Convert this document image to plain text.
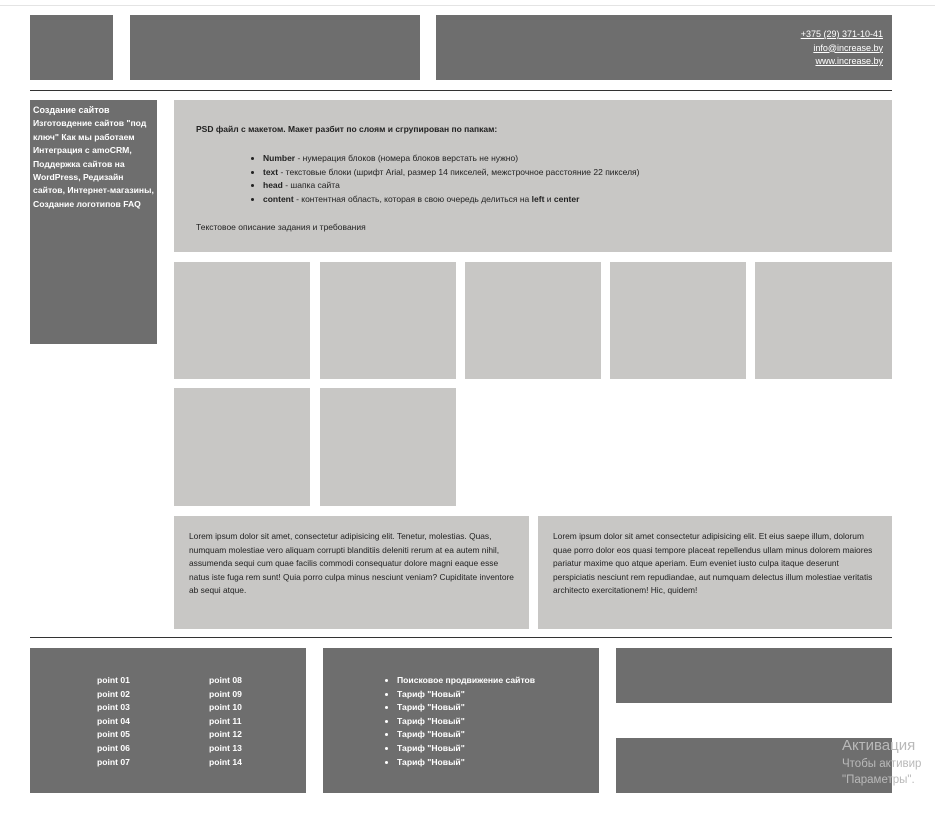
+375 (29) 371-10-41
info@increase.by
www.increase.by
Создание сайтов
Изготовдение сайтов "под ключ" Как мы работаем Интеграция с amoCRM, Поддержка сайтов на WordPress, Редизайн сайтов, Интернет-магазины, Создание логотипов FAQ
PSD файл с макетом. Макет разбит по слоям и сгрупирован по папкам:
• Number - нумерация блоков (номера блоков верстать не нужно)
• text - текстовые блоки (шрифт Arial, размер 14 пикселей, межстрочное расстояние 22 пикселя)
• head - шапка сайта
• content - контентная область, которая в свою очередь делиться на left и center
Текстовое описание задания и требования
Lorem ipsum dolor sit amet, consectetur adipisicing elit. Tenetur, molestias. Quas, numquam molestiae vero aliquam corrupti blanditiis deleniti rerum at ea autem nihil, assumenda sequi cum quae facilis commodi consequatur dolore magni eaque esse natus iste fuga rem sunt! Quia porro culpa minus nesciunt veniam? Cupiditate inventore ab sequi atque.
Lorem ipsum dolor sit amet consectetur adipisicing elit. Et eius saepe illum, dolorum quae porro dolor eos quasi tempore placeat repellendus ullam minus dolorem maiores pariatur maxime quo atque aperiam. Eum eveniet iusto culpa itaque deserunt perspiciatis nesciunt rem repudiandae, aut numquam delectus illum molestiae veritatis architecto exercitationem! Hic, quidem!
point 01
point 02
point 03
point 04
point 05
point 06
point 07
point 08
point 09
point 10
point 11
point 12
point 13
point 14
• Поисковое продвижение сайтов
• Тариф "Новый"
• Тариф "Новый"
• Тариф "Новый"
• Тариф "Новый"
• Тариф "Новый"
• Тариф "Новый"
Активация
Чтобы активир
"Параметры".
